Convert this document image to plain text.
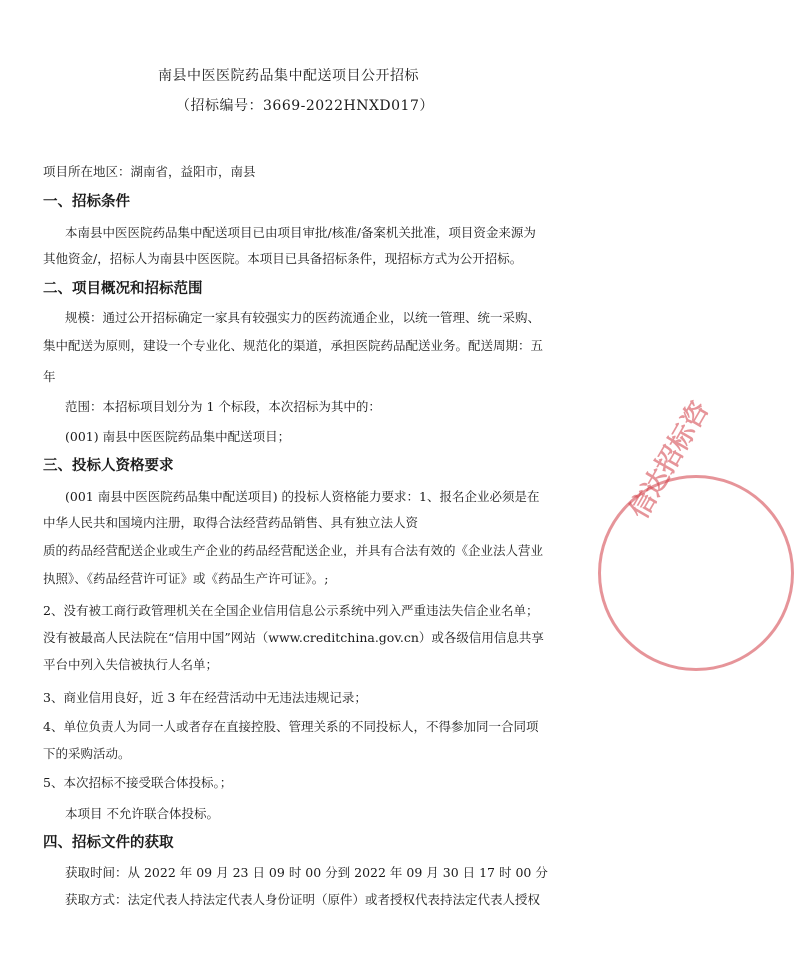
南县中医医院药品集中配送项目公开招标
（招标编号：3669-2022HNXD017）
项目所在地区：湖南省，益阳市，南县
一、招标条件
本南县中医医院药品集中配送项目已由项目审批/核准/备案机关批准，项目资金来源为
其他资金/，招标人为南县中医医院。本项目已具备招标条件，现招标方式为公开招标。
二、项目概况和招标范围
规模：通过公开招标确定一家具有较强实力的医药流通企业，以统一管理、统一采购、
集中配送为原则，建设一个专业化、规范化的渠道，承担医院药品配送业务。配送周期：五
年
范围：本招标项目划分为 1 个标段，本次招标为其中的：
(001) 南县中医医院药品集中配送项目；
三、投标人资格要求
(001 南县中医医院药品集中配送项目) 的投标人资格能力要求：1、报名企业必须是在
中华人民共和国境内注册，取得合法经营药品销售、具有独立法人资
质的药品经营配送企业或生产企业的药品经营配送企业，并具有合法有效的《企业法人营业
执照》、《药品经营许可证》或《药品生产许可证》。;
2、没有被工商行政管理机关在全国企业信用信息公示系统中列入严重违法失信企业名单；
没有被最高人民法院在“信用中国”网站（www.creditchina.gov.cn）或各级信用信息共享
平台中列入失信被执行人名单；
3、商业信用良好，近 3 年在经营活动中无违法违规记录；
4、单位负责人为同一人或者存在直接控股、管理关系的不同投标人，不得参加同一合同项
下的采购活动。
5、本次招标不接受联合体投标。；
本项目 不允许联合体投标。
四、招标文件的获取
获取时间：从 2022 年 09 月 23 日 09 时 00 分到 2022 年 09 月 30 日 17 时 00 分
获取方式：法定代表人持法定代表人身份证明（原件）或者授权代表持法定代表人授权
信达招标咨
